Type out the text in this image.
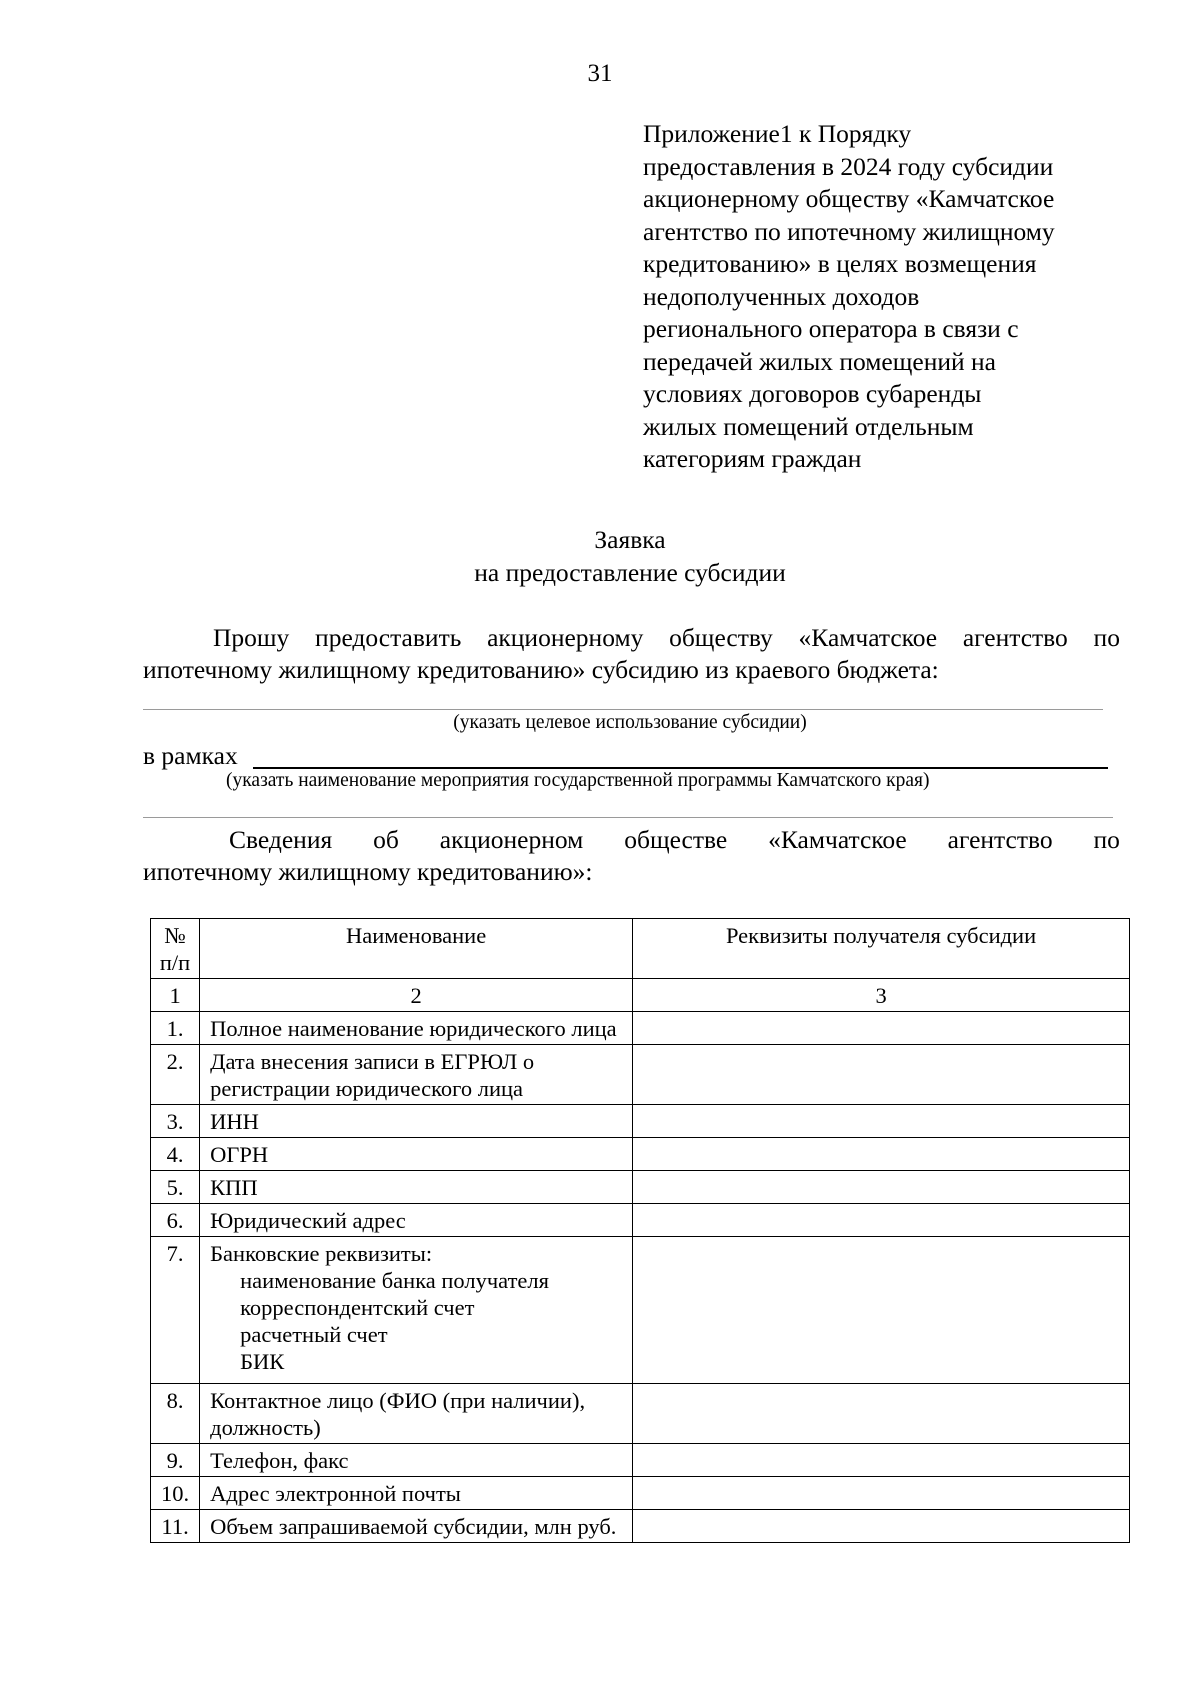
31
Приложение1 к Порядку
предоставления в 2024 году субсидии
акционерному обществу «Камчатское
агентство по ипотечному жилищному
кредитованию» в целях возмещения
недополученных доходов
регионального оператора в связи с
передачей жилых помещений на
условиях договоров субаренды
жилых помещений отдельным
категориям граждан
Заявка
на предоставление субсидии
Прошу предоставить акционерному обществу «Камчатское агентство по
ипотечному жилищному кредитованию» субсидию из краевого бюджета:
(указать целевое использование субсидии)
в рамках
(указать наименование мероприятия государственной программы Камчатского края)
Сведения об акционерном обществе «Камчатское агентство по
ипотечному жилищному кредитованию»:
№ п/п	Наименование	Реквизиты получателя субсидии
1	2	3
1.	Полное наименование юридического лица	
2.	Дата внесения записи в ЕГРЮЛ о регистрации юридического лица	
3.	ИНН	
4.	ОГРН	
5.	КПП	
6.	Юридический адрес	
7.	Банковские реквизиты:
наименование банка получателя
корреспондентский счет
расчетный счет
БИК	

8.	Контактное лицо (ФИО (при наличии), должность)	
9.	Телефон, факс	
10.	Адрес электронной почты	
11.	Объем запрашиваемой субсидии, млн руб.	
